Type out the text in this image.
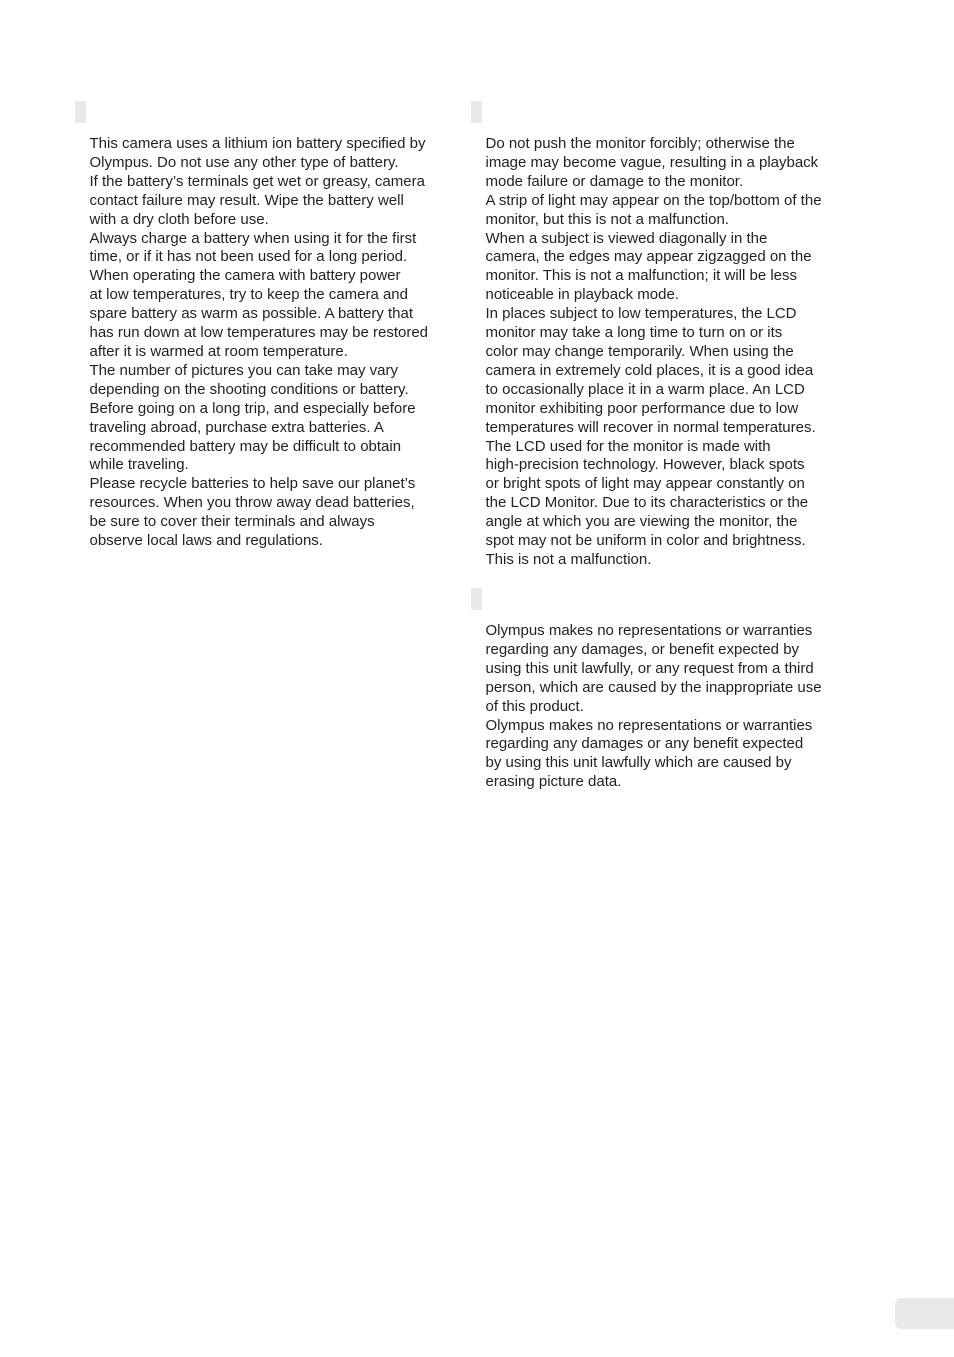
This camera uses a lithium ion battery specified by
Olympus. Do not use any other type of battery.
If the battery’s terminals get wet or greasy, camera
contact failure may result. Wipe the battery well
with a dry cloth before use.
Always charge a battery when using it for the first
time, or if it has not been used for a long period.
When operating the camera with battery power
at low temperatures, try to keep the camera and
spare battery as warm as possible. A battery that
has run down at low temperatures may be restored
after it is warmed at room temperature.
The number of pictures you can take may vary
depending on the shooting conditions or battery.
Before going on a long trip, and especially before
traveling abroad, purchase extra batteries. A
recommended battery may be difficult to obtain
while traveling.
Please recycle batteries to help save our planet’s
resources. When you throw away dead batteries,
be sure to cover their terminals and always
observe local laws and regulations.
Do not push the monitor forcibly; otherwise the
image may become vague, resulting in a playback
mode failure or damage to the monitor.
A strip of light may appear on the top/bottom of the
monitor, but this is not a malfunction.
When a subject is viewed diagonally in the
camera, the edges may appear zigzagged on the
monitor. This is not a malfunction; it will be less
noticeable in playback mode.
In places subject to low temperatures, the LCD
monitor may take a long time to turn on or its
color may change temporarily. When using the
camera in extremely cold places, it is a good idea
to occasionally place it in a warm place. An LCD
monitor exhibiting poor performance due to low
temperatures will recover in normal temperatures.
The LCD used for the monitor is made with
high-precision technology. However, black spots
or bright spots of light may appear constantly on
the LCD Monitor. Due to its characteristics or the
angle at which you are viewing the monitor, the
spot may not be uniform in color and brightness.
This is not a malfunction.
Olympus makes no representations or warranties
regarding any damages, or benefit expected by
using this unit lawfully, or any request from a third
person, which are caused by the inappropriate use
of this product.
Olympus makes no representations or warranties
regarding any damages or any benefit expected
by using this unit lawfully which are caused by
erasing picture data.
